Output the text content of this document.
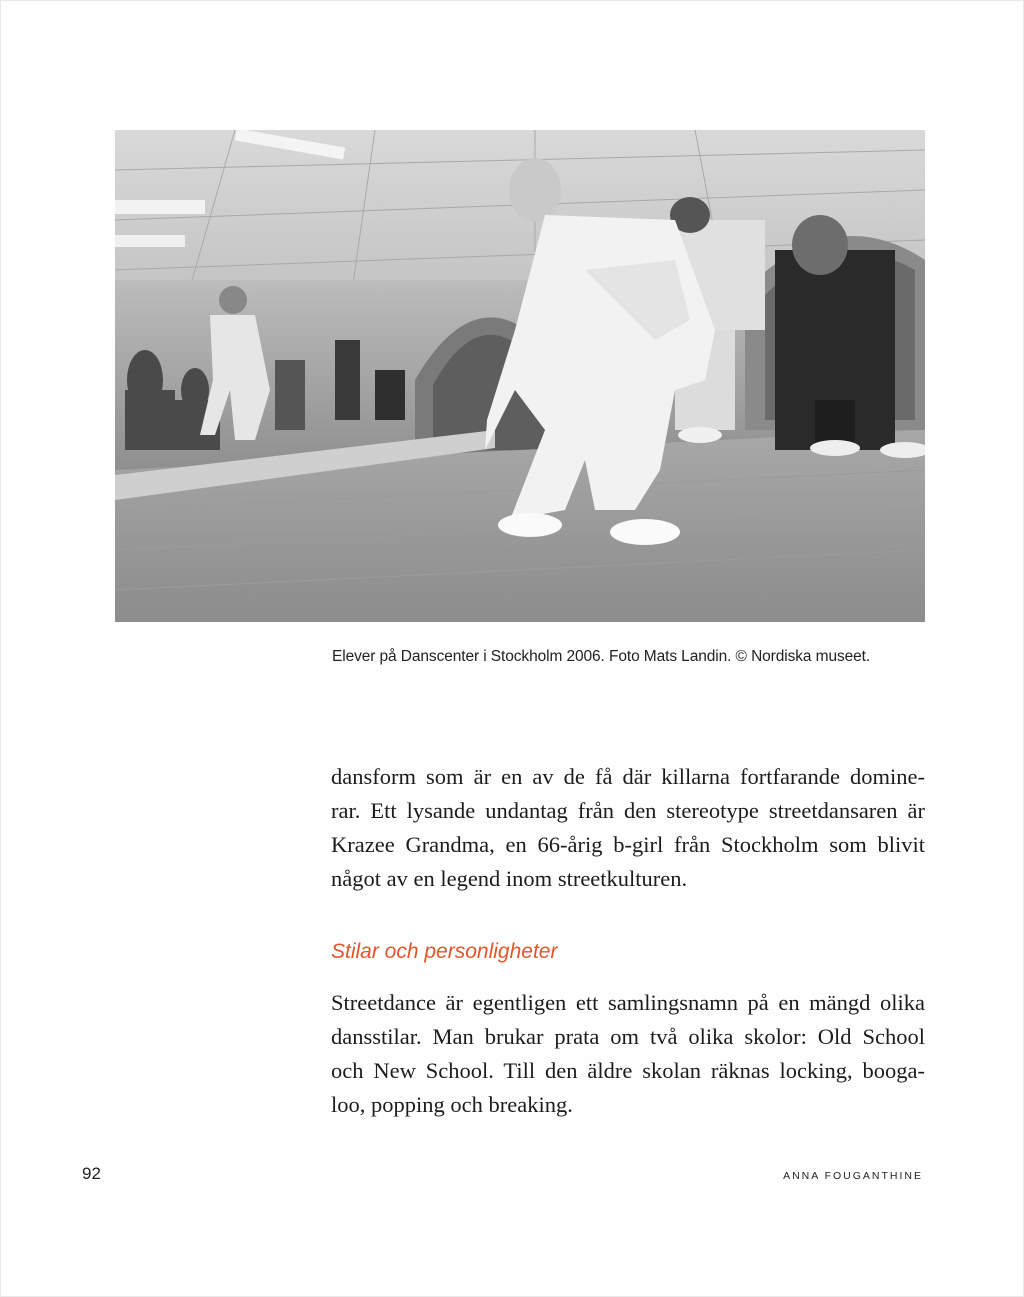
Elever på Danscenter i Stockholm 2006. Foto Mats Landin. © Nordiska museet.

dansform som är en av de få där killarna fortfarande domine-
rar. Ett lysande undantag från den stereotype streetdansaren är
Krazee Grandma, en 66-årig b-girl från Stockholm som blivit
något av en legend inom streetkulturen.

Stilar och personligheter

Streetdance är egentligen ett samlingsnamn på en mängd olika
dansstilar. Man brukar prata om två olika skolor: Old School
och New School. Till den äldre skolan räknas locking, booga-
loo, popping och breaking.

92	ANNA FOUGANTHINE
